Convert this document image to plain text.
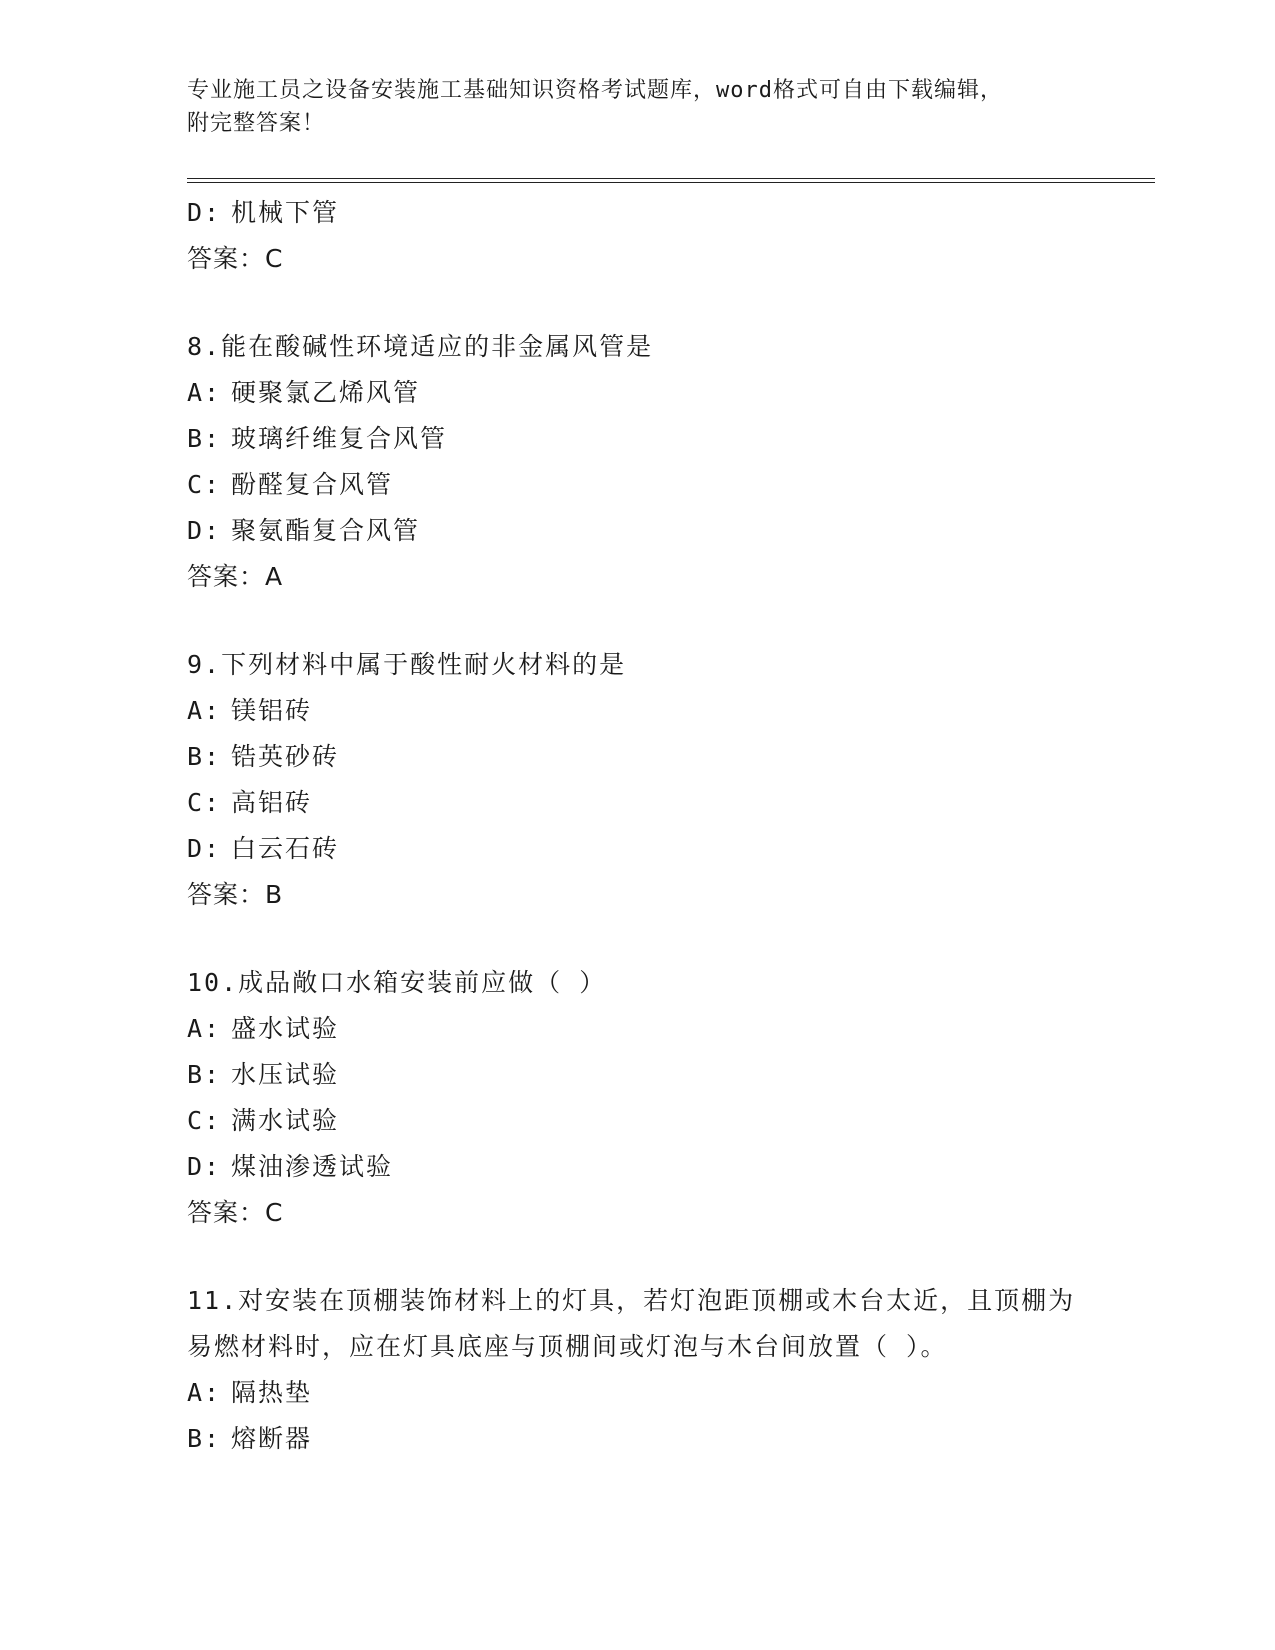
专业施工员之设备安装施工基础知识资格考试题库，word格式可自由下载编辑，
附完整答案！
D: 机械下管
答案：C
8.能在酸碱性环境适应的非金属风管是
A: 硬聚氯乙烯风管
B: 玻璃纤维复合风管
C: 酚醛复合风管
D: 聚氨酯复合风管
答案：A
9.下列材料中属于酸性耐火材料的是
A: 镁铝砖
B: 锆英砂砖
C: 高铝砖
D: 白云石砖
答案：B
10.成品敞口水箱安装前应做（ ）
A: 盛水试验
B: 水压试验
C: 满水试验
D: 煤油渗透试验
答案：C
11.对安装在顶棚装饰材料上的灯具，若灯泡距顶棚或木台太近，且顶棚为易燃材料时，应在灯具底座与顶棚间或灯泡与木台间放置（ ）。
A: 隔热垫
B: 熔断器
